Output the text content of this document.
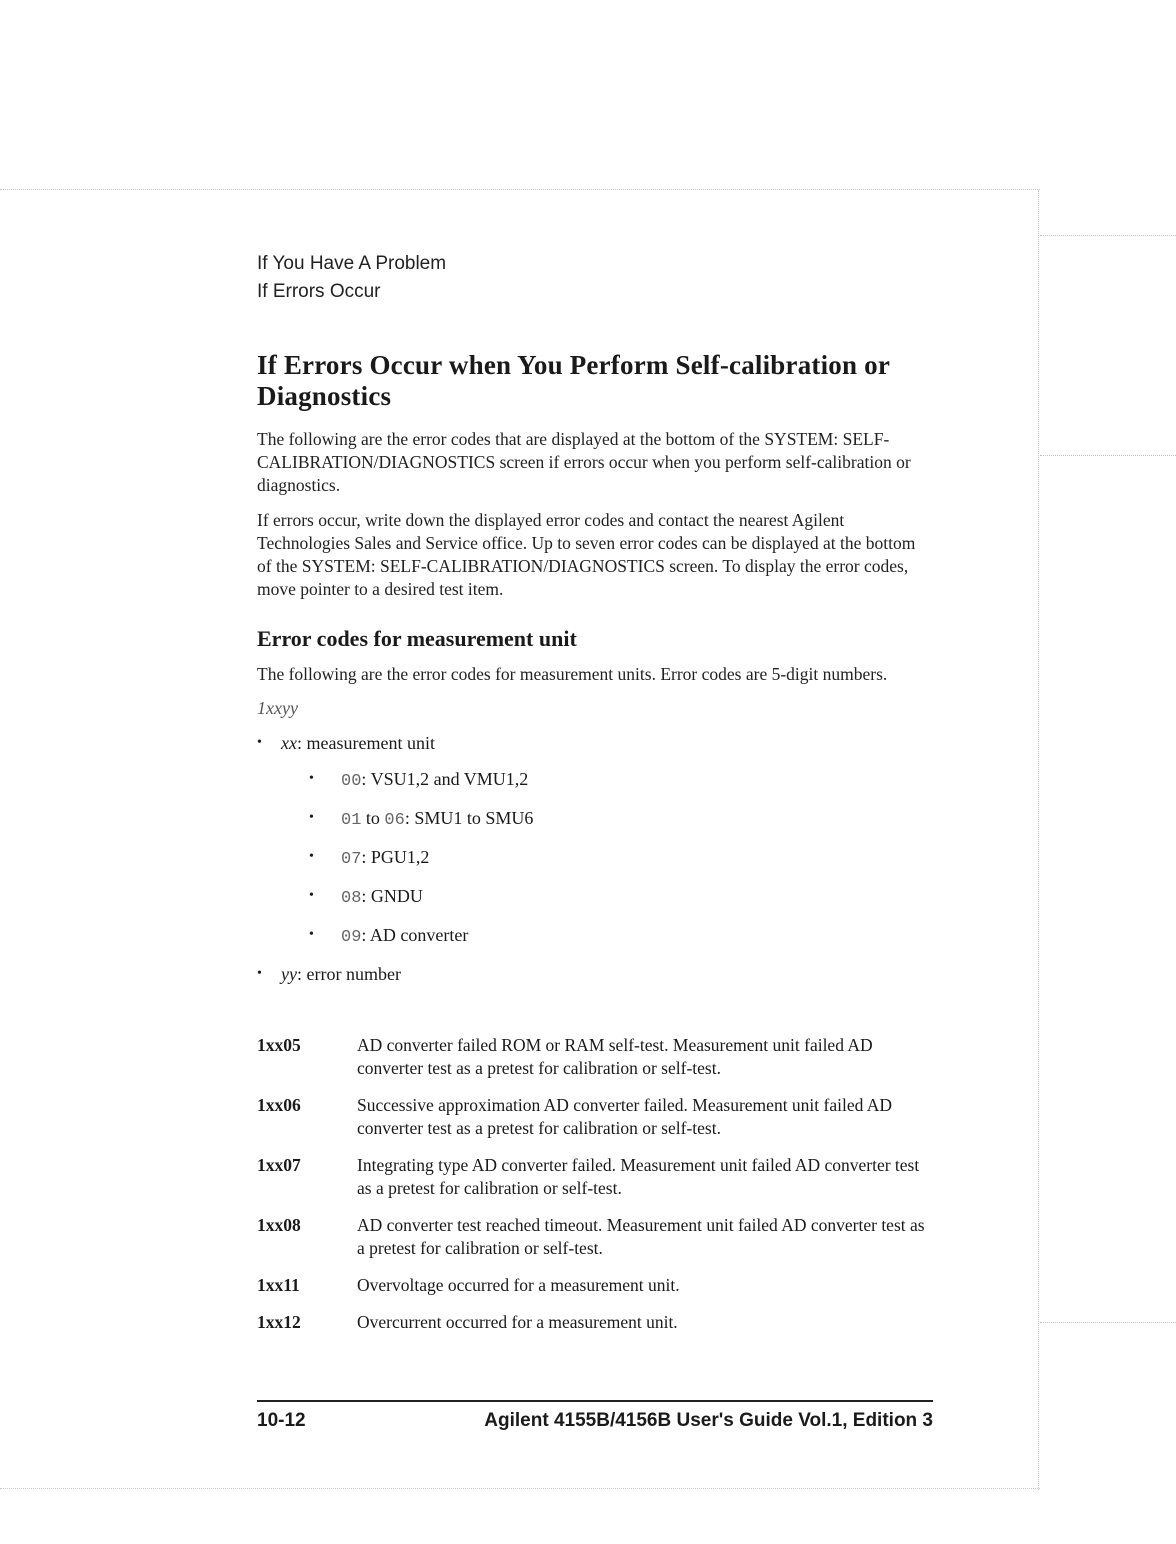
If You Have A Problem
If Errors Occur
If Errors Occur when You Perform Self-calibration or Diagnostics

The following are the error codes that are displayed at the bottom of the SYSTEM: SELF-CALIBRATION/DIAGNOSTICS screen if errors occur when you perform self-calibration or diagnostics.

If errors occur, write down the displayed error codes and contact the nearest Agilent Technologies Sales and Service office. Up to seven error codes can be displayed at the bottom of the SYSTEM: SELF-CALIBRATION/DIAGNOSTICS screen. To display the error codes, move pointer to a desired test item.

Error codes for measurement unit

The following are the error codes for measurement units. Error codes are 5-digit numbers.

1xxyy
• xx: measurement unit
• 00: VSU1,2 and VMU1,2
• 01 to 06: SMU1 to SMU6
• 07: PGU1,2
• 08: GNDU
• 09: AD converter
• yy: error number
1xx05	AD converter failed ROM or RAM self-test. Measurement unit failed AD converter test as a pretest for calibration or self-test.
1xx06	Successive approximation AD converter failed. Measurement unit failed AD converter test as a pretest for calibration or self-test.
1xx07	Integrating type AD converter failed. Measurement unit failed AD converter test as a pretest for calibration or self-test.
1xx08	AD converter test reached timeout. Measurement unit failed AD converter test as a pretest for calibration or self-test.
1xx11	Overvoltage occurred for a measurement unit.
1xx12	Overcurrent occurred for a measurement unit.
10-12	Agilent 4155B/4156B User's Guide Vol.1, Edition 3
